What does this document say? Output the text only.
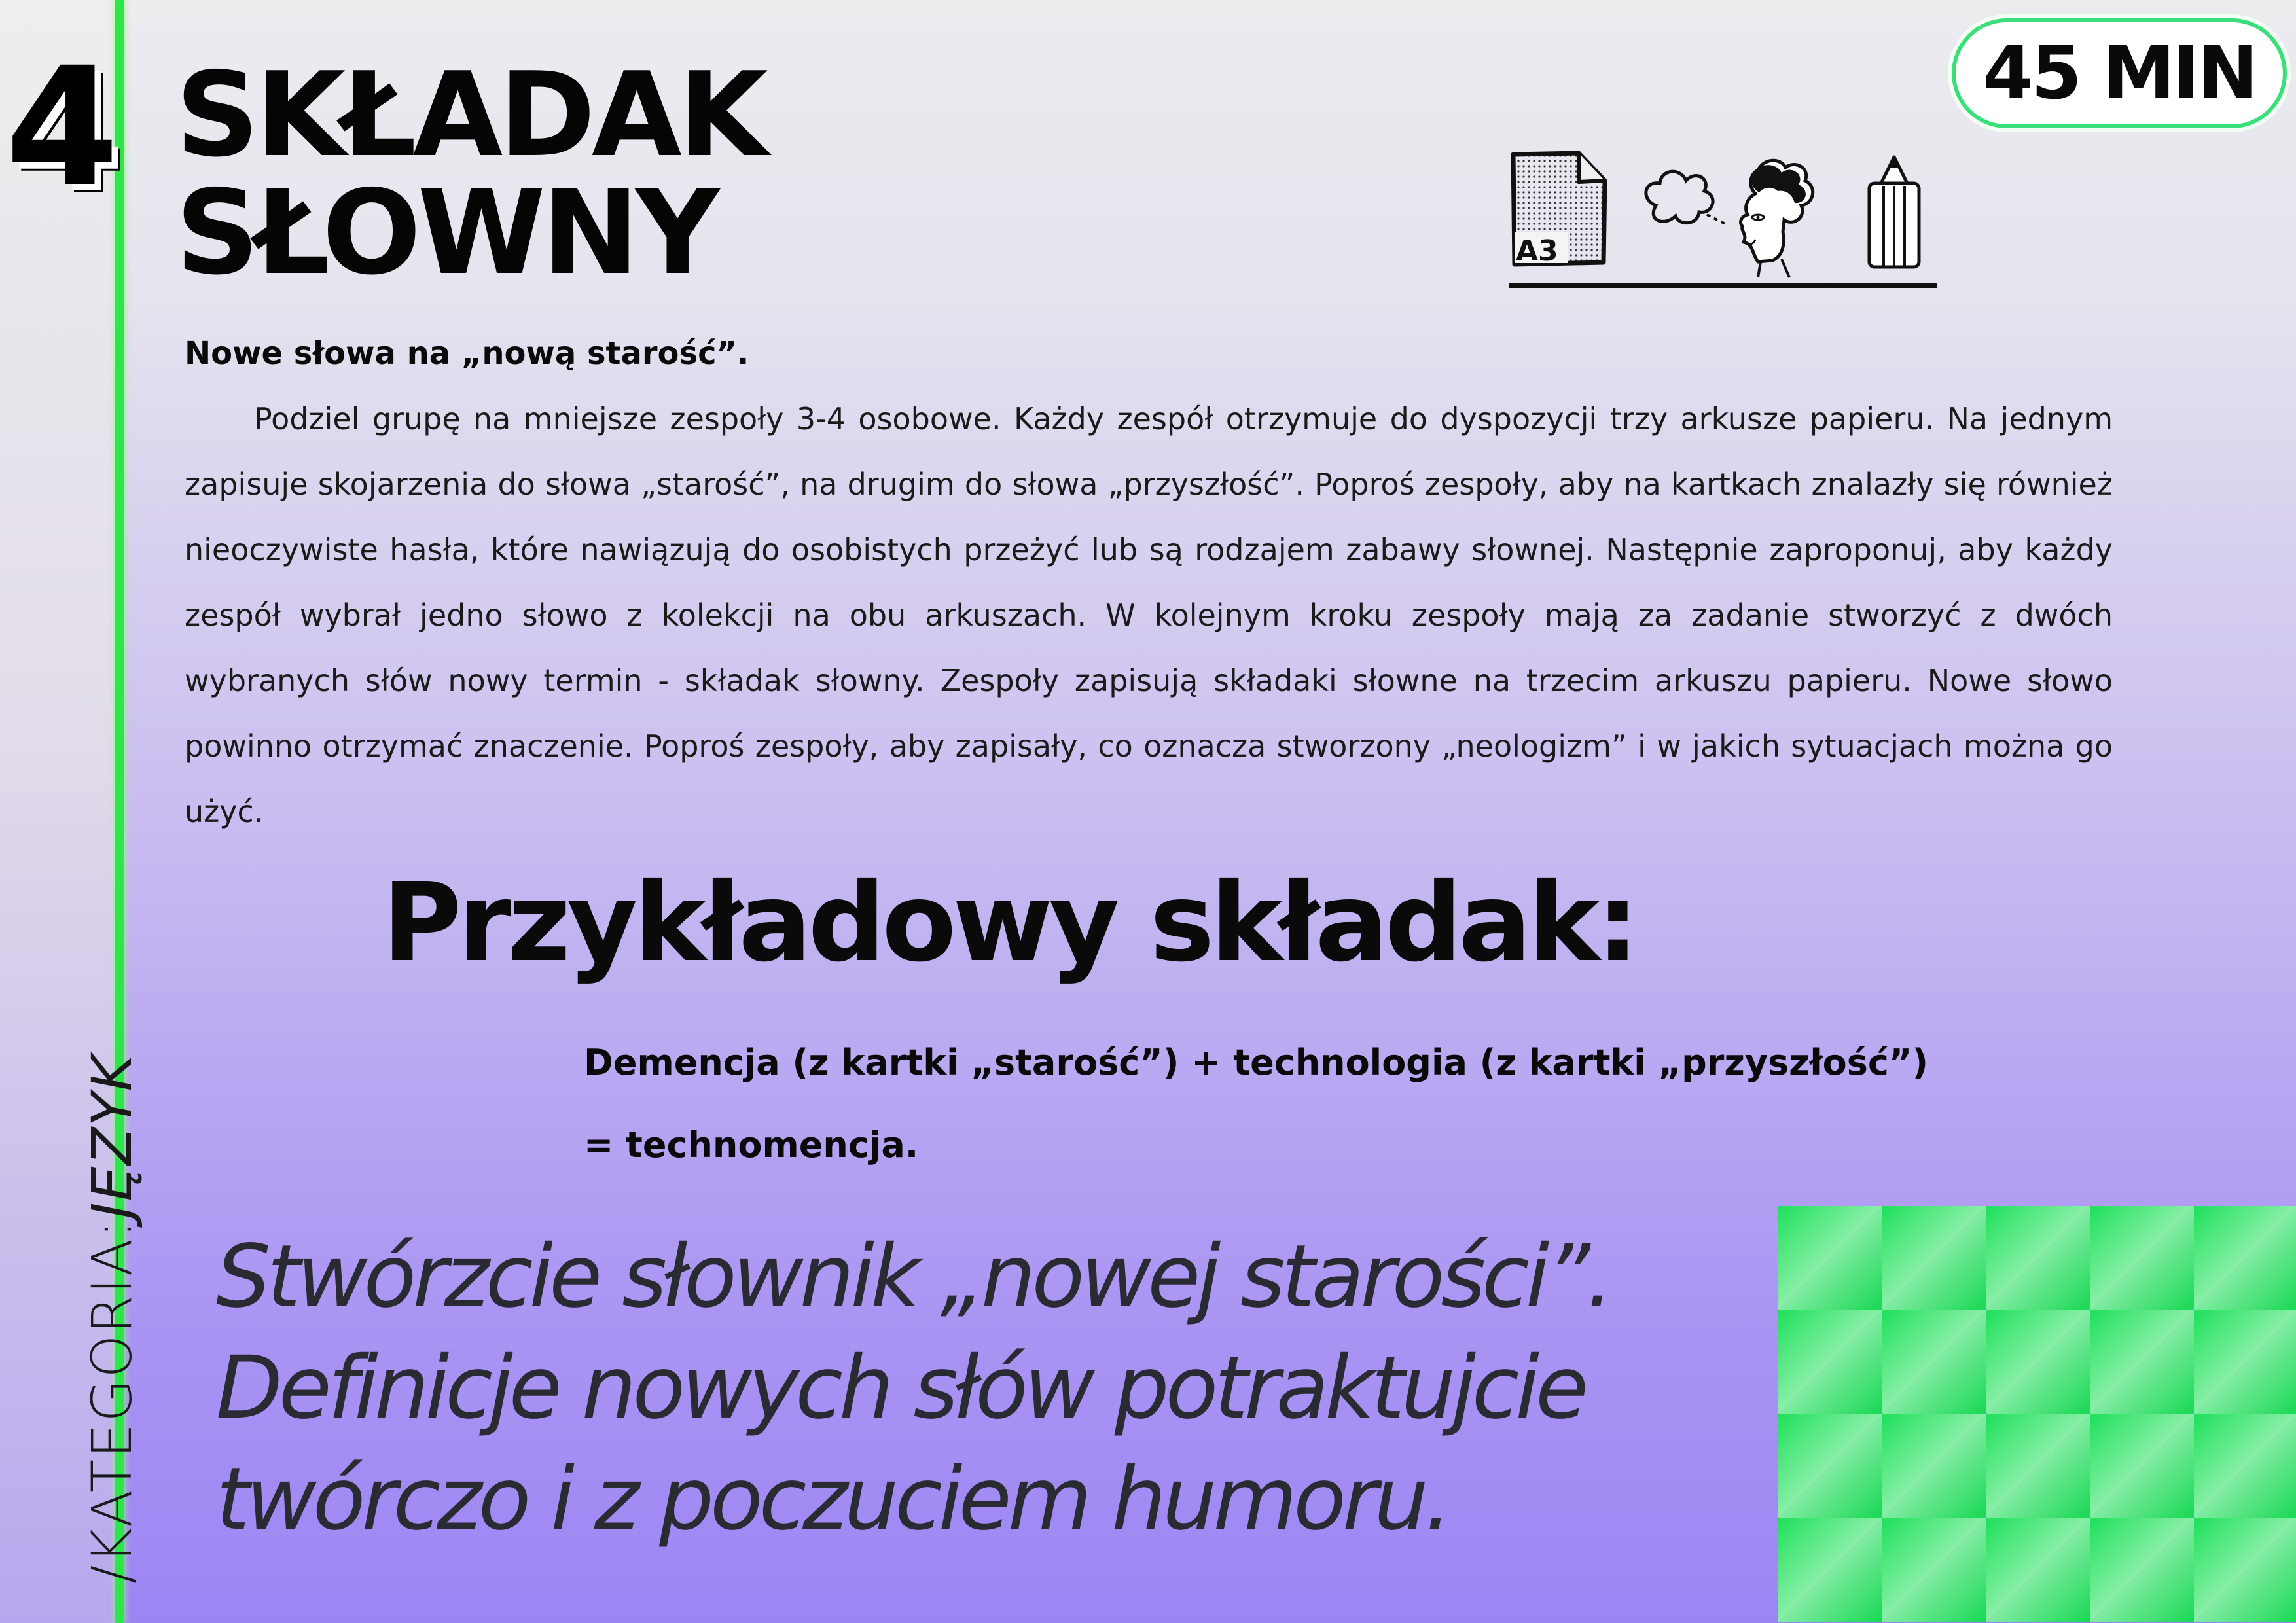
4
/KATEGORIA:JĘZYK
SKŁADAK
SŁOWNY
45 MIN
A3
Nowe słowa na „nową starość”.
Podziel grupę na mniejsze zespoły 3-4 osobowe. Każdy zespół otrzymuje do dyspozycji trzy arkusze papieru. Na jednym zapisuje skojarzenia do słowa „starość”, na drugim do słowa „przyszłość”. Poproś zespoły, aby na kartkach znalazły się również nieoczywiste hasła, które nawiązują do osobistych przeżyć lub są rodzajem zabawy słownej. Następnie zaproponuj, aby każdy zespół wybrał jedno słowo z kolekcji na obu arkuszach. W kolejnym kroku zespoły mają za zadanie stworzyć z dwóch wybranych słów nowy termin - składak słowny. Zespoły zapisują składaki słowne na trzecim arkuszu papieru. Nowe słowo powinno otrzymać znaczenie. Poproś zespoły, aby zapisały, co oznacza stworzony „neologizm” i w jakich sytuacjach można go użyć.
Przykładowy składak:
Demencja (z kartki „starość”) + technologia (z kartki „przyszłość”)
= technomencja.
Stwórzcie słownik „nowej starości”.
Definicje nowych słów potraktujcie
twórczo i z poczuciem humoru.
